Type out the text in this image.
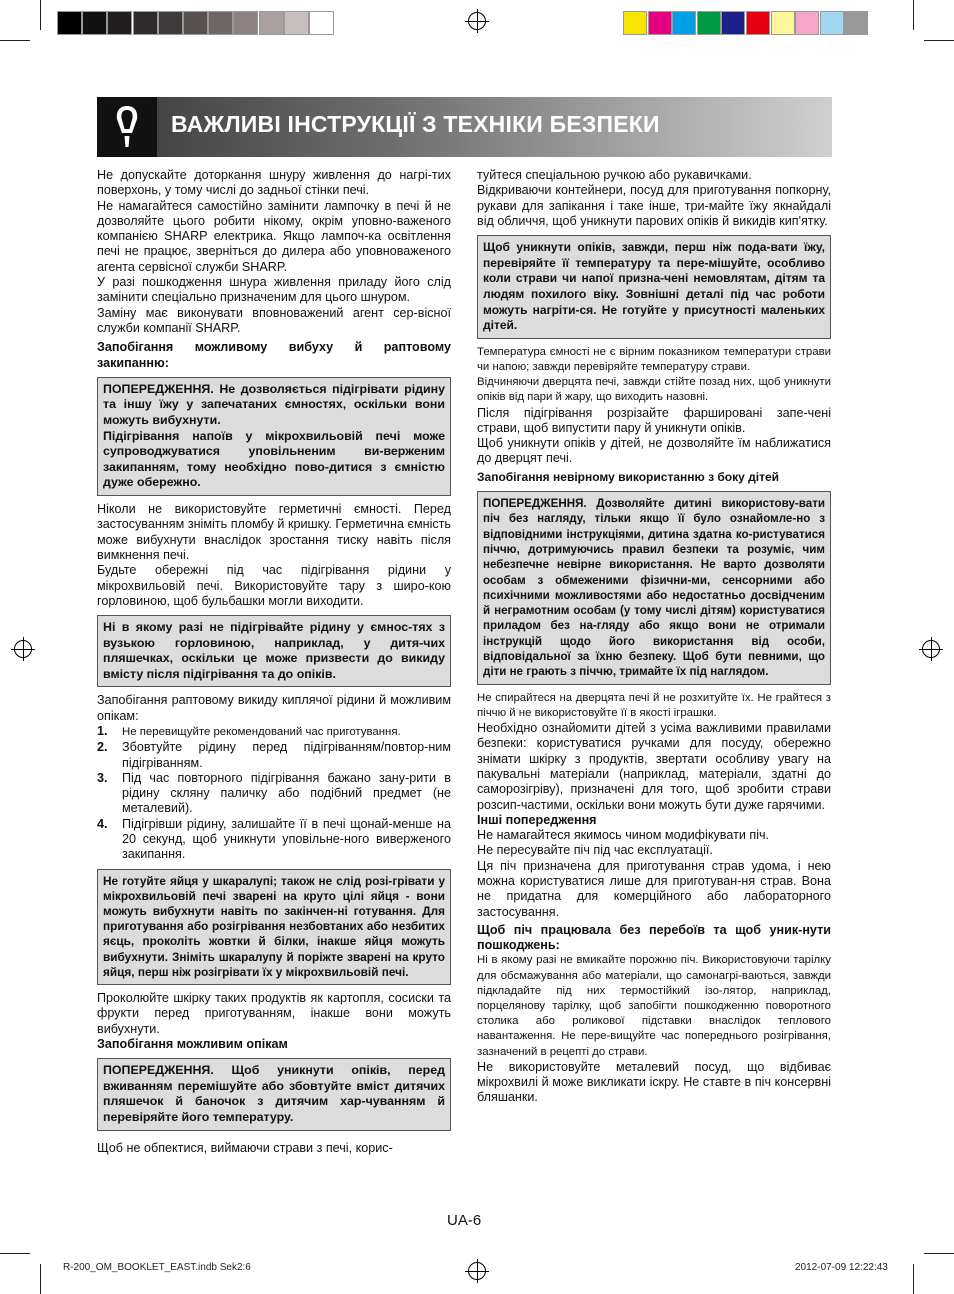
ВАЖЛИВІ ІНСТРУКЦІЇ З ТЕХНІКИ БЕЗПЕКИ

Не допускайте доторкання шнуру живлення до нагрі-тих поверхонь, у тому числі до задньої стінки печі.

Не намагайтеся самостійно замінити лампочку в печі й не дозволяйте цього робити нікому, окрім уповно-важеного компанією SHARP електрика. Якщо лампоч-ка освітлення печі не працює, зверніться до дилера або уповноваженого агента сервісної служби SHARP.

У разі пошкодження шнура живлення приладу його слід замінити спеціально призначеним для цього шнуром.

Заміну має виконувати вповноважений агент сер-вісної служби компанії SHARP.

Запобігання можливому вибуху й раптовому закипанню:

ПОПЕРЕДЖЕННЯ. Не дозволяється підігрівати рідину та іншу їжу у запечатаних ємностях, оскільки вони можуть вибухнути.

Підігрівання напоїв у мікрохвильовій печі може супроводжуватися уповільненим ви-верженим закипанням, тому необхідно пово-дитися з ємністю дуже обережно.

Ніколи не використовуйте герметичні ємності. Перед застосуванням зніміть пломбу й кришку. Герметична ємність може вибухнути внаслідок зростання тиску навіть після вимкнення печі.

Будьте обережні під час підігрівання рідини у мікрохвильовій печі. Використовуйте тару з широ-кою горловиною, щоб бульбашки могли виходити.

Ні в якому разі не підігрівайте рідину у ємнос-тях з вузькою горловиною, наприклад, у дитя-чих пляшечках, оскільки це може призвести до викиду вмісту після підігрівання та до опіків.

Запобігання раптовому викиду киплячої рідини й можливим опікам:

1. Не перевищуйте рекомендований час приготування.
2. Збовтуйте рідину перед підігріванням/повтор-ним підігріванням.
3. Під час повторного підігрівання бажано зану-рити в рідину скляну паличку або подібний предмет (не металевий).
4. Підігрівши рідину, залишайте її в печі щонай-менше на 20 секунд, щоб уникнути уповільне-ного виверженого закипання.

Не готуйте яйця у шкаралупі; також не слід розі-грівати у мікрохвильовій печі зварені на круто цілі яйця - вони можуть вибухнути навіть по закінчен-ні готування. Для приготування або розігрівання незбовтаних або незбитих яєць, проколіть жовтки й білки, інакше яйця можуть вибухнути. Зніміть шкаралупу й поріжте зварені на круто яйця, перш ніж розігрівати їх у мікрохвильовій печі.

Проколюйте шкірку таких продуктів як картопля, сосиски та фрукти перед приготуванням, інакше вони можуть вибухнути.

Запобігання можливим опікам

ПОПЕРЕДЖЕННЯ. Щоб уникнути опіків, перед вживанням перемішуйте або збовтуйте вміст дитячих пляшечок й баночок з дитячим хар-чуванням й перевіряйте його температуру.

Щоб не обпектися, виймаючи страви з печі, корис-

туйтеся спеціальною ручкою або рукавичками.

Відкриваючи контейнери, посуд для приготування попкорну, рукави для запікання і таке інше, три-майте їжу якнайдалі від обличчя, щоб уникнути парових опіків й викидів кип'ятку.

Щоб уникнути опіків, завжди, перш ніж пода-вати їжу, перевіряйте її температуру та пере-мішуйте, особливо коли страви чи напої призна-чені немовлятам, дітям та людям похилого віку. Зовнішні деталі під час роботи можуть нагріти-ся. Не готуйте у присутності маленьких дітей.

Температура ємності не є вірним показником температури страви чи напою; завжди перевіряйте температуру страви.

Відчиняючи дверцята печі, завжди стійте позад них, щоб уникнути опіків від пари й жару, що виходить назовні.

Після підігрівання розрізайте фаршировані запе-чені страви, щоб випустити пару й уникнути опіків.

Щоб уникнути опіків у дітей, не дозволяйте їм наближатися до дверцят печі.

Запобігання невірному використанню з боку дітей

ПОПЕРЕДЖЕННЯ. Дозволяйте дитині використову-вати піч без нагляду, тільки якщо її було ознайомле-но з відповідними інструкціями, дитина здатна ко-ристуватися піччю, дотримуючись правил безпеки та розуміє, чим небезпечне невірне використання. Не варто дозволяти особам з обмеженими фізични-ми, сенсорними або психічними можливостями або недостатньо досвідченим й неграмотним особам (у тому числі дітям) користуватися приладом без на-гляду або якщо вони не отримали інструкцій щодо його використання від особи, відповідальної за їхню безпеку. Щоб бути певними, що діти не грають з піччю, тримайте їх під наглядом.

Не спирайтеся на дверцята печі й не розхитуйте їх. Не грайтеся з піччю й не використовуйте її в якості іграшки.

Необхідно ознайомити дітей з усіма важливими правилами безпеки: користуватися ручками для посуду, обережно знімати шкірку з продуктів, звертати особливу увагу на пакувальні матеріали (наприклад, матеріали, здатні до саморозігріву), призначені для того, щоб зробити страви розсип-частими, оскільки вони можуть бути дуже гарячими.

Інші попередження

Не намагайтеся якимось чином модифікувати піч.

Не пересувайте піч під час експлуатації.

Ця піч призначена для приготування страв удома, і нею можна користуватися лише для приготуван-ня страв. Вона не придатна для комерційного або лабораторного застосування.

Щоб піч працювала без перебоїв та щоб уник-нути пошкоджень:

Ні в якому разі не вмикайте порожню піч. Використовуючи тарілку для обсмажування або матеріали, що самонагрі-ваються, завжди підкладайте під них термостійкий ізо-лятор, наприклад, порцелянову тарілку, щоб запобігти пошкодженню поворотного столика або роликової підставки внаслідок теплового навантаження. Не пере-вищуйте час попереднього розігрівання, зазначений в рецепті до страви.

Не використовуйте металевий посуд, що відбиває мікрохвилі й може викликати іскру. Не ставте в піч консервні бляшанки.

UA-6
R-200_OM_BOOKLET_EAST.indb Sek2:6	2012-07-09 12:22:43
